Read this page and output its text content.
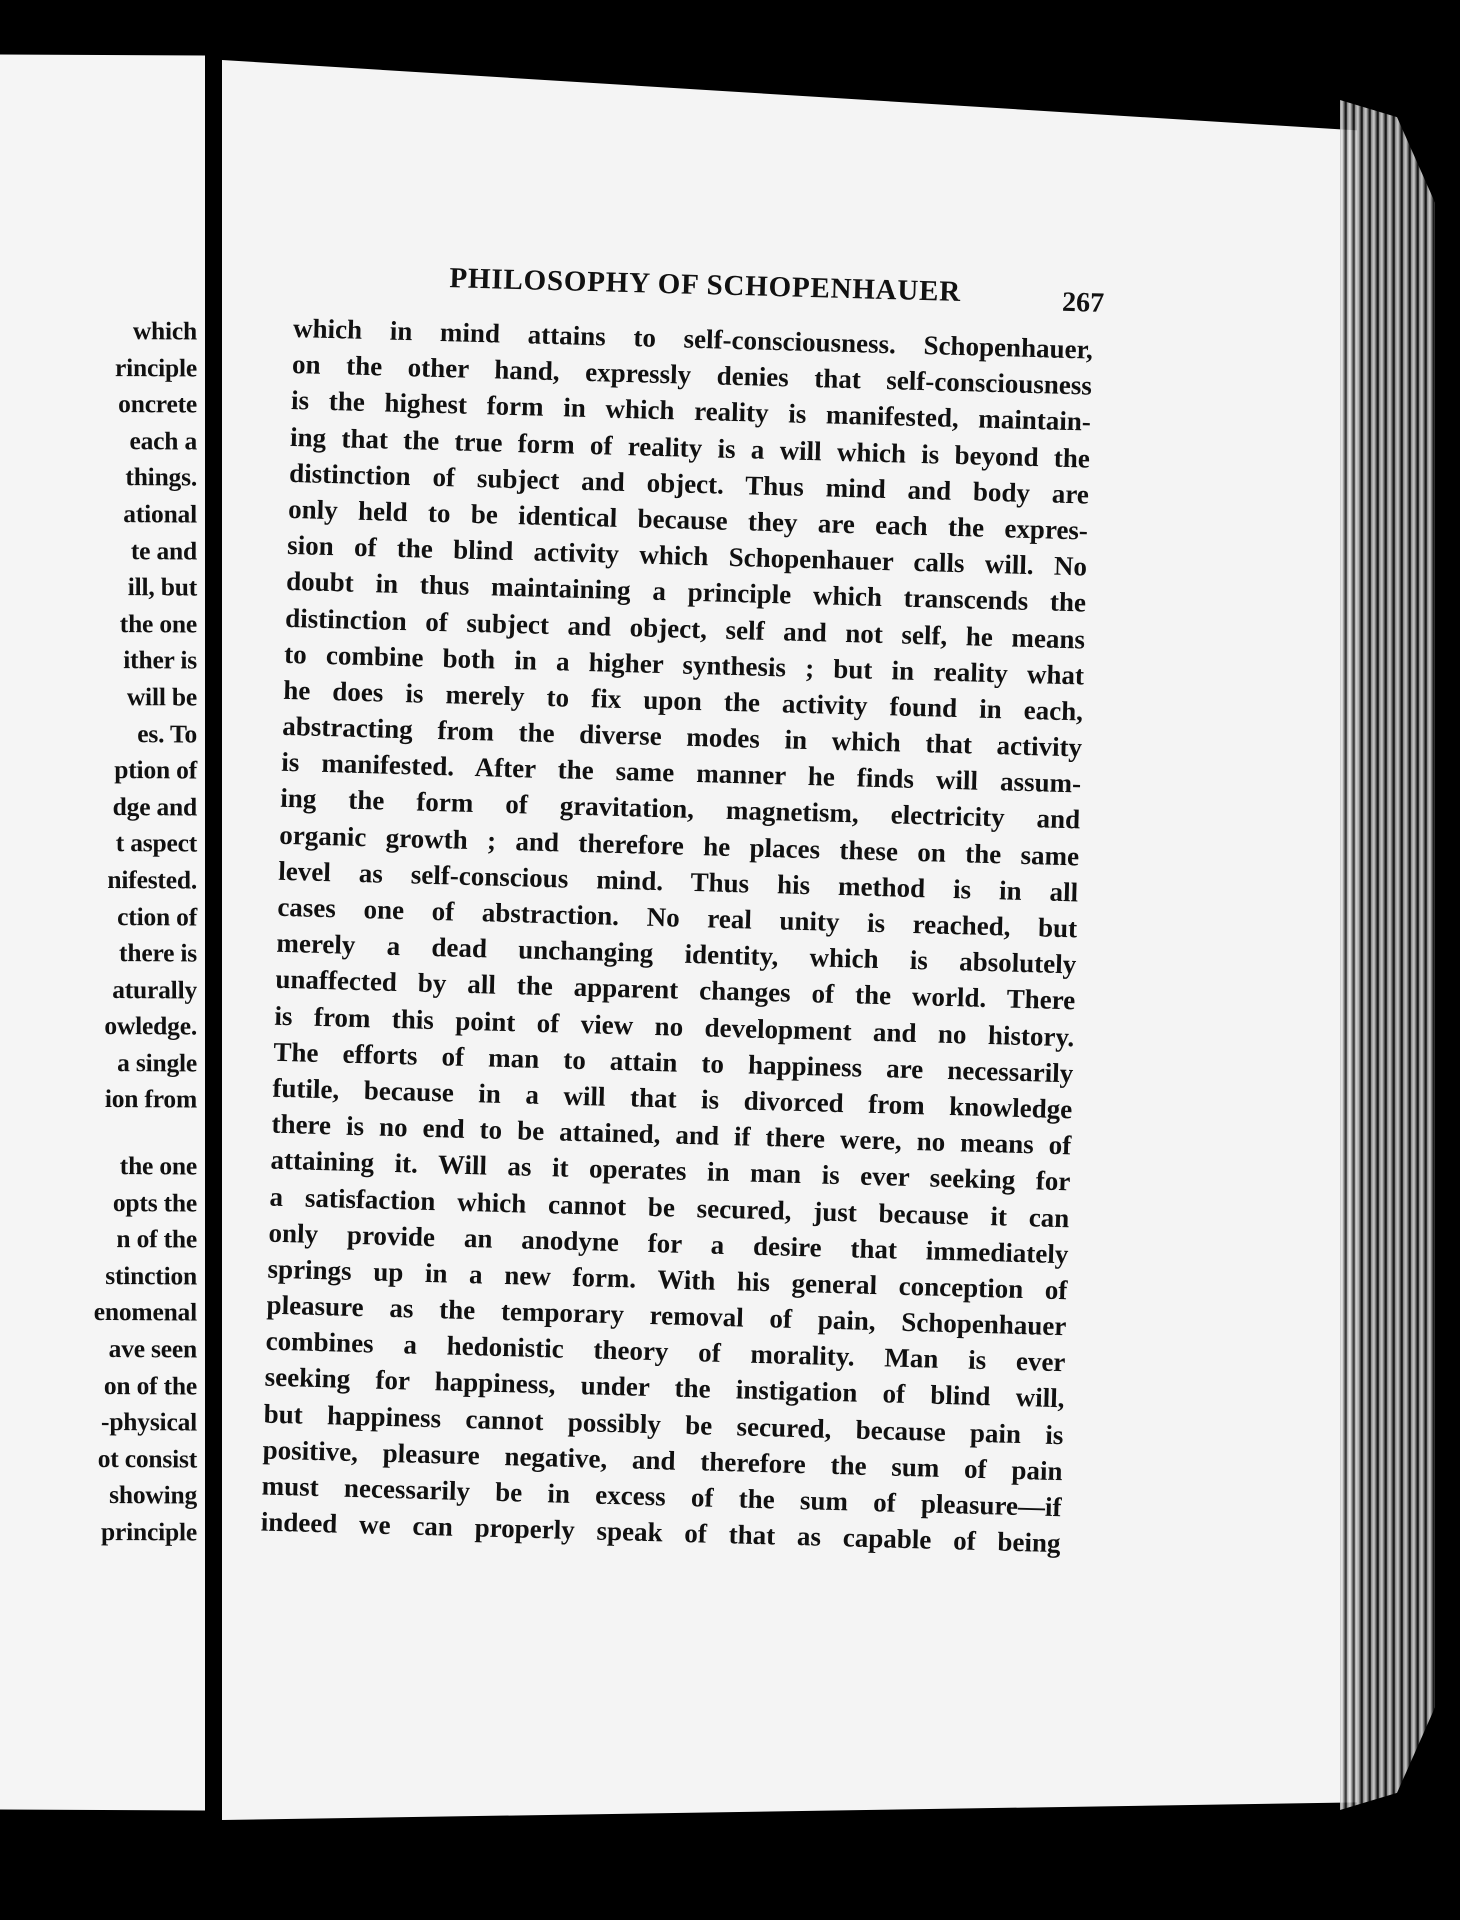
which
rinciple
oncrete
each a
things.
ational
te and
ill, but
the one
ither is
will be
es. To
ption of
dge and
t aspect
nifested.
ction of
there is
aturally
owledge.
a single
ion from
the one
opts the
n of the
stinction
enomenal
ave seen
on of the
-physical
ot consist
showing
principle
PHILOSOPHY OF SCHOPENHAUER	267
which in mind attains to self-consciousness. Schopenhauer,
on the other hand, expressly denies that self-consciousness
is the highest form in which reality is manifested, maintain-
ing that the true form of reality is a will which is beyond the
distinction of subject and object. Thus mind and body are
only held to be identical because they are each the expres-
sion of the blind activity which Schopenhauer calls will. No
doubt in thus maintaining a principle which transcends the
distinction of subject and object, self and not self, he means
to combine both in a higher synthesis ; but in reality what
he does is merely to fix upon the activity found in each,
abstracting from the diverse modes in which that activity
is manifested. After the same manner he finds will assum-
ing the form of gravitation, magnetism, electricity and
organic growth ; and therefore he places these on the same
level as self-conscious mind. Thus his method is in all
cases one of abstraction. No real unity is reached, but
merely a dead unchanging identity, which is absolutely
unaffected by all the apparent changes of the world. There
is from this point of view no development and no history.
The efforts of man to attain to happiness are necessarily
futile, because in a will that is divorced from knowledge
there is no end to be attained, and if there were, no means of
attaining it. Will as it operates in man is ever seeking for
a satisfaction which cannot be secured, just because it can
only provide an anodyne for a desire that immediately
springs up in a new form. With his general conception of
pleasure as the temporary removal of pain, Schopenhauer
combines a hedonistic theory of morality. Man is ever
seeking for happiness, under the instigation of blind will,
but happiness cannot possibly be secured, because pain is
positive, pleasure negative, and therefore the sum of pain
must necessarily be in excess of the sum of pleasure—if
indeed we can properly speak of that as capable of being
